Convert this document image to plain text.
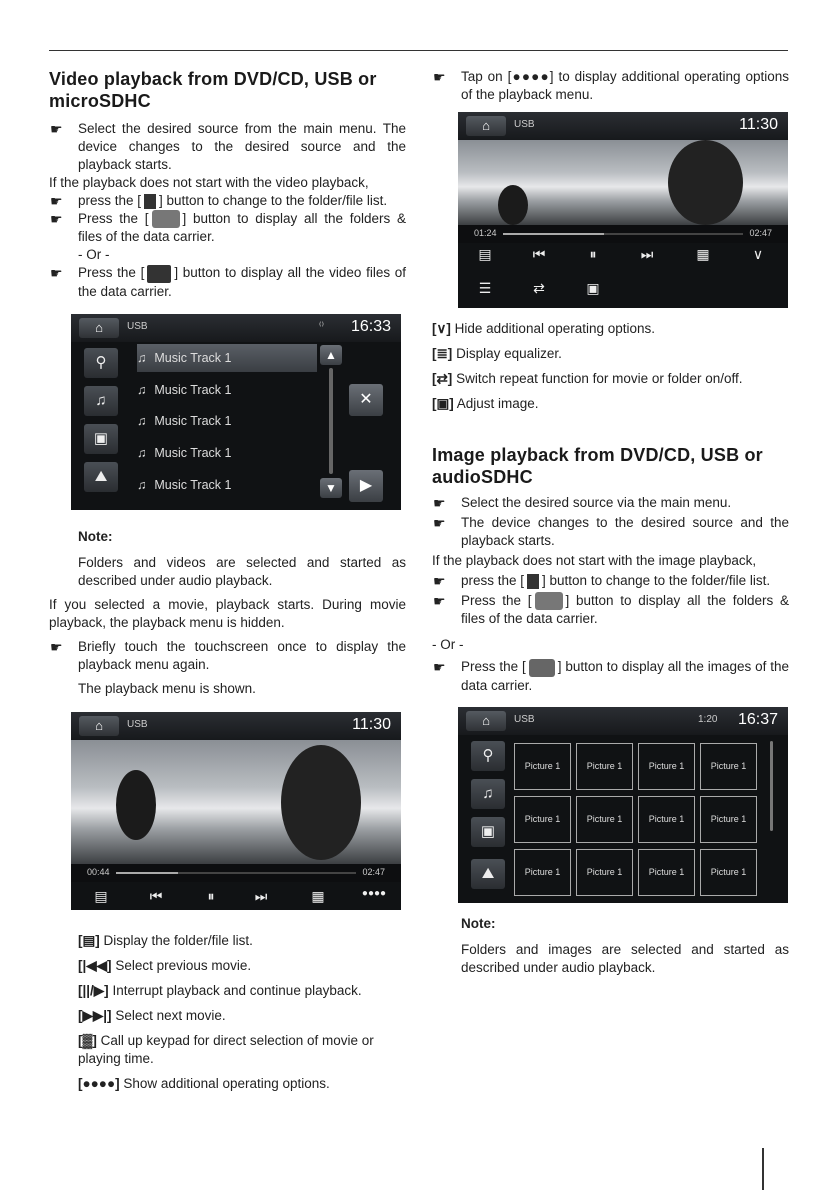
Video playback from DVD/CD, USB or microSDHC
☛ Select the desired source from the main menu. The device changes to the desired source and the playback starts.

If the playback does not start with the video playback,

☛ press the [ ] button to change to the folder/file list.
☛ Press the [	] button to display all the folders & files of the data carrier.
- Or -
☛ Press the [ ] button to display all the video files of the data carrier.
⌂	USB	⁽⁾ 16:33
⚲
♫
▣
⛰
♫ Music Track 1
♫ Music Track 1
♫ Music Track 1
♫ Music Track 1
♫ Music Track 1
▲
▼
✕
▶
Note:
Folders and videos are selected and started as described under audio playback.

If you selected a movie, playback starts. During movie playback, the playback menu is hidden.

☛ Briefly touch the touchscreen once to display the playback menu again.
The playback menu is shown.
⌂	USB	11:30
00:44	02:47
▤	⏮	⏸	⏭	▦	●●●●
[▤] Display the folder/file list.
[|◀◀] Select previous movie.
[||/▶] Interrupt playback and continue playback.
[▶▶|] Select next movie.
[▓] Call up keypad for direct selection of movie or playing time.
[●●●●] Show additional operating options.
☛ Tap on [●●●●] to display additional operating options of the playback menu.
⌂	USB	11:30
01:24	02:47
▤	⏮	⏸	⏭	▦	∨
☰	⇄	▣
[∨] Hide additional operating options.
[≣] Display equalizer.
[⇄] Switch repeat function for movie or folder on/off.
[▣] Adjust image.
Image playback from DVD/CD, USB or audioSDHC
☛ Select the desired source via the main menu.
☛ The device changes to the desired source and the playback starts.

If the playback does not start with the image playback,

☛ press the [ ] button to change to the folder/file list.
☛ Press the [	] button to display all the folders & files of the data carrier.
- Or -
☛ Press the [ ] button to display all the images of the data carrier.
⌂	USB	1:20 16:37
⚲
♫
▣
⛰
Picture 1	Picture 1	Picture 1	Picture 1
Picture 1	Picture 1	Picture 1	Picture 1
Picture 1	Picture 1	Picture 1	Picture 1
Note:
Folders and images are selected and started as described under audio playback.
